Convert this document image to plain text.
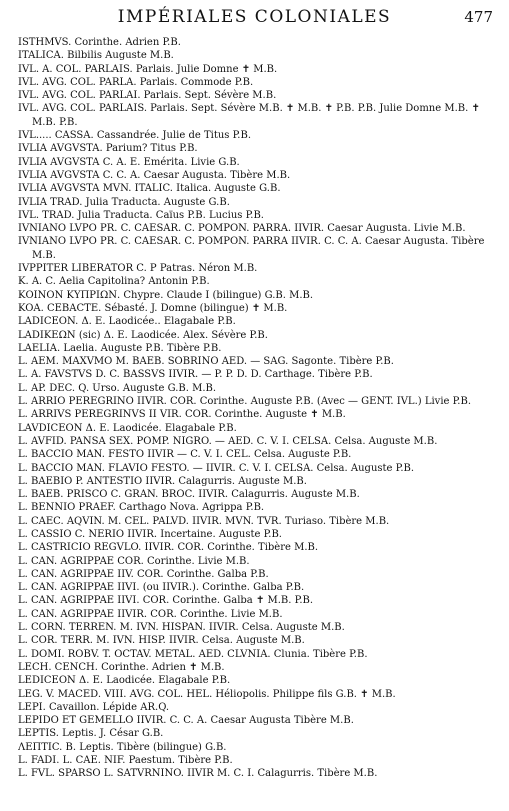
IMPÉRIALES COLONIALES	477
ISTHMVS. Corinthe. Adrien P.B.
ITALICA. Bilbilis Auguste M.B.
IVL. A. COL. PARLAIS. Parlais. Julie Domne ✝ M.B.
IVL. AVG. COL. PARLA. Parlais. Commode P.B.
IVL. AVG. COL. PARLAI. Parlais. Sept. Sévère M.B.
IVL. AVG. COL. PARLAIS. Parlais. Sept. Sévère M.B. ✝ M.B. ✝ P.B. P.B. Julie Domne M.B. ✝ M.B. P.B.
IVL..... CASSA. Cassandrée. Julie de Titus P.B.
IVLIA AVGVSTA. Parium? Titus P.B.
IVLIA AVGVSTA C. A. E. Emérita. Livie G.B.
IVLIA AVGVSTA C. C. A. Caesar Augusta. Tibère M.B.
IVLIA AVGVSTA MVN. ITALIC. Italica. Auguste G.B.
IVLIA TRAD. Julia Traducta. Auguste G.B.
IVL. TRAD. Julia Traducta. Caïus P.B. Lucius P.B.
IVNIANO LVPO PR. C. CAESAR. C. POMPON. PARRA. IIVIR. Caesar Augusta. Livie M.B.
IVNIANO LVPO PR. C. CAESAR. C. POMPON. PARRA IIVIR. C. C. A. Caesar Augusta. Tibère M.B.
IVPPITER LIBERATOR C. P Patras. Néron M.B.
K. A. C. Aelia Capitolina? Antonin P.B.
ΚΟΙΝΟΝ ΚΥΠΡΙΩΝ. Chypre. Claude I (bilingue) G.B. M.B.
KOA. CEBACTE. Sébasté. J. Domne (bilingue) ✝ M.B.
LADICEON. Δ. E. Laodicée.. Elagabale P.B.
LADIKEΩN (sic) Δ. E. Laodicée. Alex. Sévère P.B.
LAELIA. Laelia. Auguste P.B. Tibère P.B.
L. AEM. MAXVMO M. BAEB. SOBRINO AED. — SAG. Sagonte. Tibère P.B.
L. A. FAVSTVS D. C. BASSVS IIVIR. — P. P. D. D. Carthage. Tibère P.B.
L. AP. DEC. Q. Urso. Auguste G.B. M.B.
L. ARRIO PEREGRINO IIVIR. COR. Corinthe. Auguste P.B. (Avec — GENT. IVL.) Livie P.B.
L. ARRIVS PEREGRINVS II VIR. COR. Corinthe. Auguste ✝ M.B.
LAVDICEON Δ. E. Laodicée. Elagabale P.B.
L. AVFID. PANSA SEX. POMP. NIGRO. — AED. C. V. I. CELSA. Celsa. Auguste M.B.
L. BACCIO MAN. FESTO IIVIR — C. V. I. CEL. Celsa. Auguste P.B.
L. BACCIO MAN. FLAVIO FESTO. — IIVIR. C. V. I. CELSA. Celsa. Auguste P.B.
L. BAEBIO P. ANTESTIO IIVIR. Calagurris. Auguste M.B.
L. BAEB. PRISCO C. GRAN. BROC. IIVIR. Calagurris. Auguste M.B.
L. BENNIO PRAEF. Carthago Nova. Agrippa P.B.
L. CAEC. AQVIN. M. CEL. PALVD. IIVIR. MVN. TVR. Turiaso. Tibère M.B.
L. CASSIO C. NERIO IIVIR. Incertaine. Auguste P.B.
L. CASTRICIO REGVLO. IIVIR. COR. Corinthe. Tibère M.B.
L. CAN. AGRIPPAE COR. Corinthe. Livie M.B.
L. CAN. AGRIPPAE IIV. COR. Corinthe. Galba P.B.
L. CAN. AGRIPPAE IIVI. (ou IIVIR.). Corinthe. Galba P.B.
L. CAN. AGRIPPAE IIVI. COR. Corinthe. Galba ✝ M.B. P.B.
L. CAN. AGRIPPAE IIVIR. COR. Corinthe. Livie M.B.
L. CORN. TERREN. M. IVN. HISPAN. IIVIR. Celsa. Auguste M.B.
L. COR. TERR. M. IVN. HISP. IIVIR. Celsa. Auguste M.B.
L. DOMI. ROBV. T. OCTAV. METAL. AED. CLVNIA. Clunia. Tibère P.B.
LECH. CENCH. Corinthe. Adrien ✝ M.B.
LEDICEON Δ. E. Laodicée. Elagabale P.B.
LEG. V. MACED. VIII. AVG. COL. HEL. Héliopolis. Philippe fils G.B. ✝ M.B.
LEPI. Cavaillon. Lépide AR.Q.
LEPIDO ET GEMELLO IIVIR. C. C. A. Caesar Augusta Tibère M.B.
LEPTIS. Leptis. J. César G.B.
ΛΕΠTIC. B. Leptis. Tibère (bilingue) G.B.
L. FADI. L. CAE. NIF. Paestum. Tibère P.B.
L. FVL. SPARSO L. SATVRNINO. IIVIR M. C. I. Calagurris. Tibère M.B.
